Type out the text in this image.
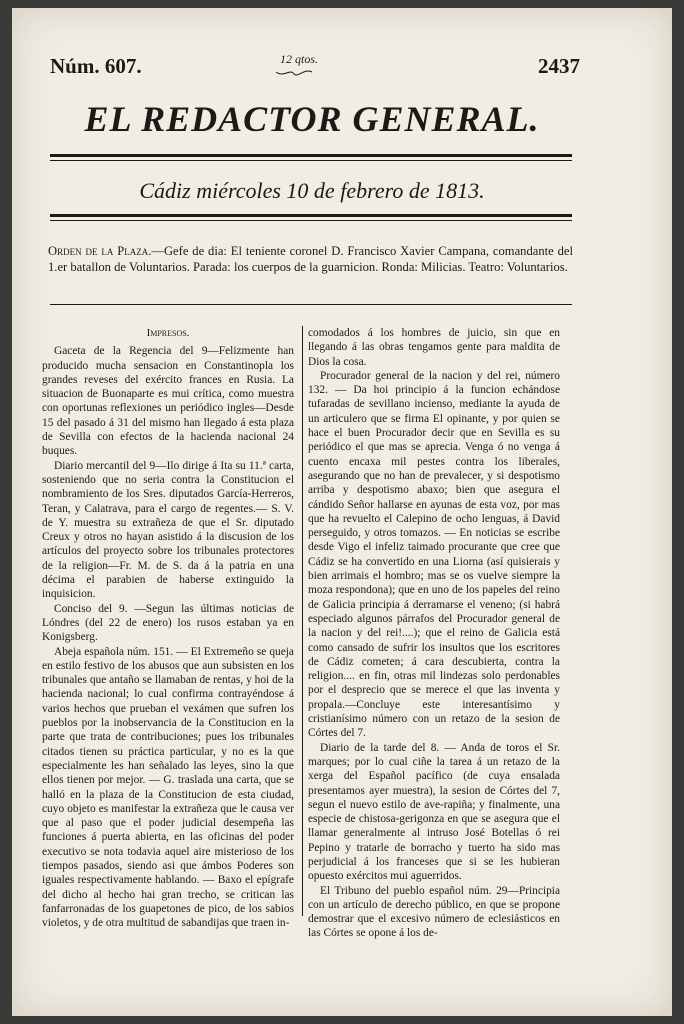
Núm. 607.	12 qtos.	2437
EL REDACTOR GENERAL.
Cádiz miércoles 10 de febrero de 1813.
Orden de la Plaza.—Gefe de dia: El teniente coronel D. Francisco Xavier Campana, comandante del 1.er batallon de Voluntarios. Parada: los cuerpos de la guarnicion. Ronda: Milicias. Teatro: Voluntarios.

Impresos.

Gaceta de la Regencia del 9—Felizmente han producido mucha sensacion en Constantinopla los grandes reveses del exército frances en Rusia. La situacion de Buonaparte es mui crítica, como muestra con oportunas reflexiones un periódico ingles—Desde 15 del pasado á 31 del mismo han llegado á esta plaza de Sevilla con efectos de la hacienda nacional 24 buques.

Diario mercantil del 9—Ilo dirige á Ita su 11.ª carta, sosteniendo que no seria contra la Constitucion el nombramiento de los Sres. diputados García-Herreros, Teran, y Calatrava, para el cargo de regentes.— S. V. de Y. muestra su extrañeza de que el Sr. diputado Creux y otros no hayan asistido á la discusion de los artículos del proyecto sobre los tribunales protectores de la religion—Fr. M. de S. da á la patria en una décima el parabien de haberse extinguido la inquisicion.

Conciso del 9. —Segun las últimas noticias de Lóndres (del 22 de enero) los rusos estaban ya en Konigsberg.

Abeja española núm. 151. — El Extremeño se queja en estilo festivo de los abusos que aun subsisten en los tribunales que antaño se llamaban de rentas, y hoi de la hacienda nacional; lo cual confirma contrayéndose á varios hechos que prueban el vexámen que sufren los pueblos por la inobservancia de la Constitucion en la parte que trata de contribuciones; pues los tribunales citados tienen su práctica particular, y no es la que especialmente les han señalado las leyes, sino la que ellos tienen por mejor. — G. traslada una carta, que se halló en la plaza de la Constitucion de esta ciudad, cuyo objeto es manifestar la extrañeza que le causa ver que al paso que el poder judicial desempeña las funciones á puerta abierta, en las oficinas del poder executivo se nota todavia aquel aire misterioso de los tiempos pasados, siendo asi que ámbos Poderes son iguales respectivamente hablando. — Baxo el epígrafe del dicho al hecho hai gran trecho, se critican las fanfarronadas de los guapetones de pico, de los sabios violetos, y de otra multitud de sabandijas que traen in-

comodados á los hombres de juicio, sin que en llegando á las obras tengamos gente para maldita de Dios la cosa.

Procurador general de la nacion y del rei, número 132. — Da hoi principio á la funcion echándose tufaradas de sevillano incienso, mediante la ayuda de un articulero que se firma El opinante, y por quien se hace el buen Procurador decir que en Sevilla es su periódico el que mas se aprecia. Venga ó no venga á cuento encaxa mil pestes contra los liberales, asegurando que no han de prevalecer, y si despotismo arriba y despotismo abaxo; bien que asegura el cándido Señor hallarse en ayunas de esta voz, por mas que ha revuelto el Calepino de ocho lenguas, á David perseguido, y otros tomazos. — En noticias se escribe desde Vigo el infeliz taimado procurante que cree que Cádiz se ha convertido en una Liorna (así quisierais y bien arrimais el hombro; mas se os vuelve siempre la moza respondona); que en uno de los papeles del reino de Galicia principia á derramarse el veneno; (si habrá especiado algunos párrafos del Procurador general de la nacion y del rei!....); que el reino de Galicia está como cansado de sufrir los insultos que los escritores de Cádiz cometen; á cara descubierta, contra la religion.... en fin, otras mil lindezas solo perdonables por el desprecio que se merece el que las inventa y propala.—Concluye este interesantísimo y cristianísimo número con un retazo de la sesion de Córtes del 7.

Diario de la tarde del 8. — Anda de toros el Sr. marques; por lo cual ciñe la tarea á un retazo de la xerga del Español pacífico (de cuya ensalada presentamos ayer muestra), la sesion de Córtes del 7, segun el nuevo estilo de ave-rapiña; y finalmente, una especie de chistosa-gerigonza en que se asegura que el llamar generalmente al intruso José Botellas ó rei Pepino y tratarle de borracho y tuerto ha sido mas perjudicial á los franceses que si se les hubieran opuesto exércitos mui aguerridos.

El Tribuno del pueblo español núm. 29—Principia con un artículo de derecho público, en que se propone demostrar que el excesivo número de eclesiásticos en las Córtes se opone á los de-
